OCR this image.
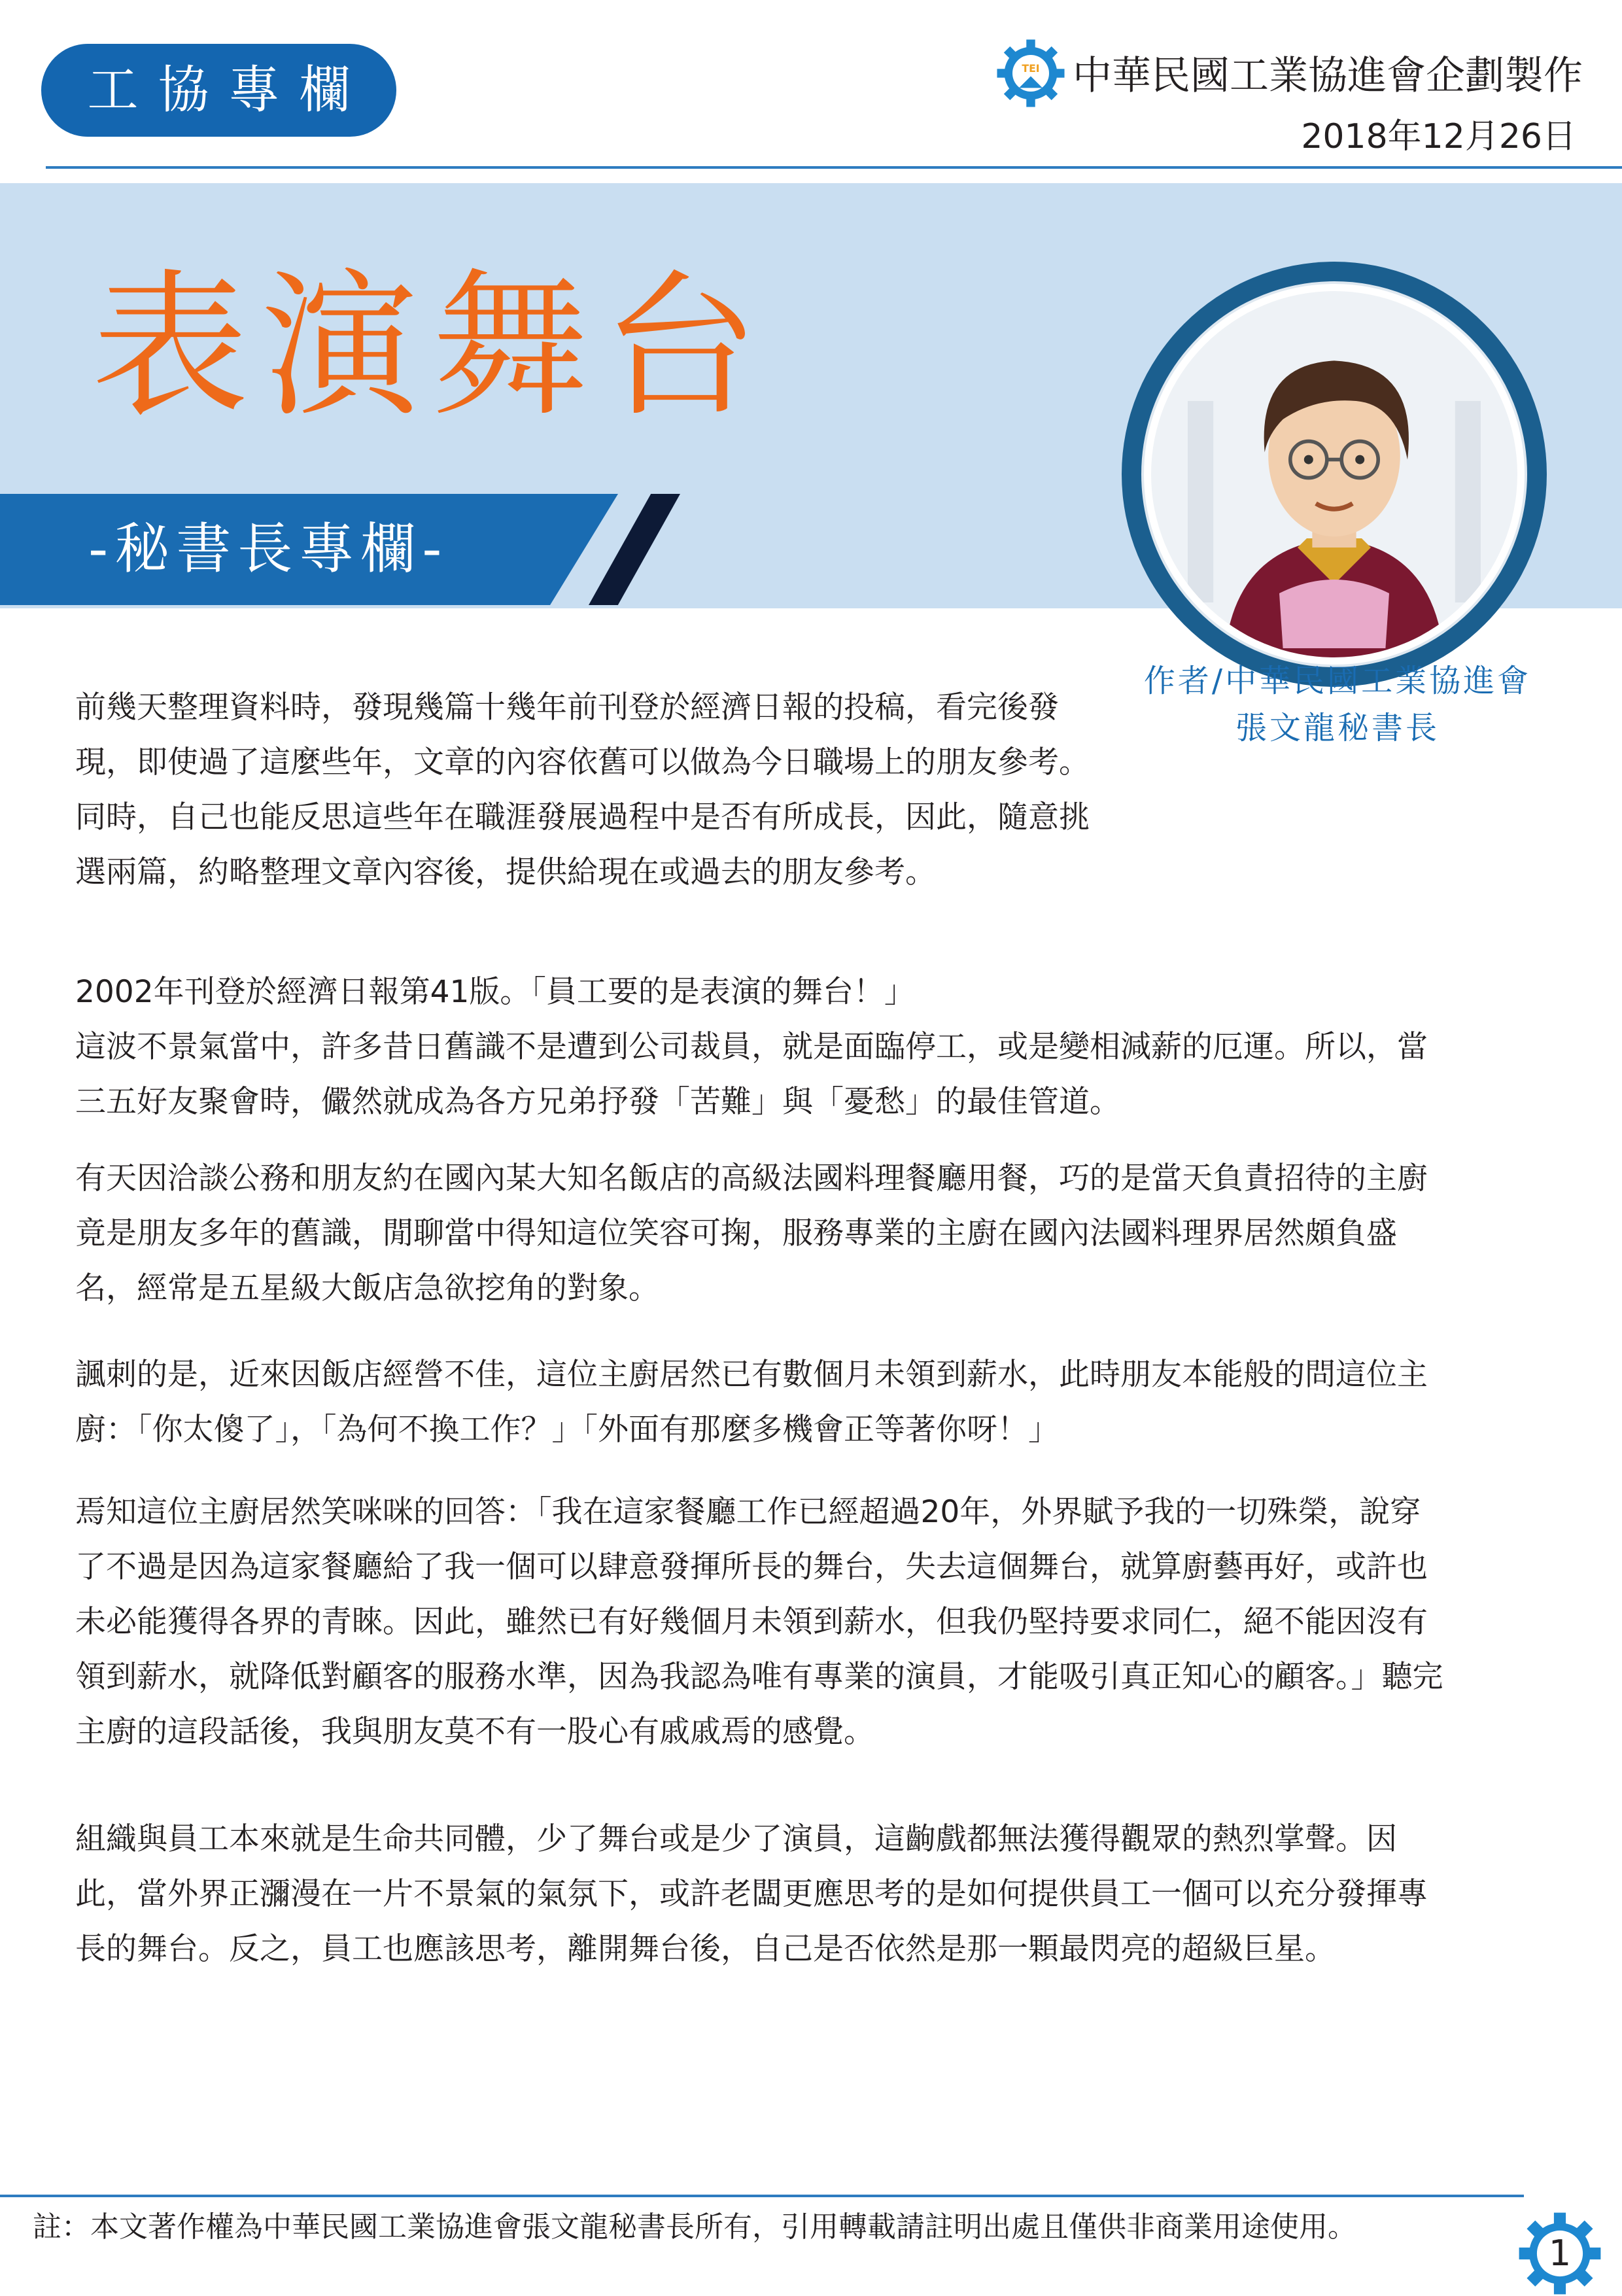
工協專欄	TEI 中華民國工業協進會企劃製作
2018年12月26日
表演舞台
-秘書長專欄-
作者/中華民國工業協進會
張文龍秘書長

前幾天整理資料時，發現幾篇十幾年前刊登於經濟日報的投稿，看完後發現，即使過了這麼些年，文章的內容依舊可以做為今日職場上的朋友參考。同時，自己也能反思這些年在職涯發展過程中是否有所成長，因此，隨意挑選兩篇，約略整理文章內容後，提供給現在或過去的朋友參考。

2002年刊登於經濟日報第41版。「員工要的是表演的舞台！」

這波不景氣當中，許多昔日舊識不是遭到公司裁員，就是面臨停工，或是變相減薪的厄運。所以，當三五好友聚會時，儼然就成為各方兄弟抒發「苦難」與「憂愁」的最佳管道。

有天因洽談公務和朋友約在國內某大知名飯店的高級法國料理餐廳用餐，巧的是當天負責招待的主廚竟是朋友多年的舊識，閒聊當中得知這位笑容可掬，服務專業的主廚在國內法國料理界居然頗負盛名，經常是五星級大飯店急欲挖角的對象。

諷刺的是，近來因飯店經營不佳，這位主廚居然已有數個月未領到薪水，此時朋友本能般的問這位主廚：「你太傻了」，「為何不換工作？」「外面有那麼多機會正等著你呀！」

焉知這位主廚居然笑咪咪的回答：「我在這家餐廳工作已經超過20年，外界賦予我的一切殊榮，說穿了不過是因為這家餐廳給了我一個可以肆意發揮所長的舞台，失去這個舞台，就算廚藝再好，或許也未必能獲得各界的青睞。因此，雖然已有好幾個月未領到薪水，但我仍堅持要求同仁，絕不能因沒有領到薪水，就降低對顧客的服務水準，因為我認為唯有專業的演員，才能吸引真正知心的顧客。」聽完主廚的這段話後，我與朋友莫不有一股心有戚戚焉的感覺。

組織與員工本來就是生命共同體，少了舞台或是少了演員，這齣戲都無法獲得觀眾的熱烈掌聲。因此，當外界正瀰漫在一片不景氣的氣氛下，或許老闆更應思考的是如何提供員工一個可以充分發揮專長的舞台。反之，員工也應該思考，離開舞台後，自己是否依然是那一顆最閃亮的超級巨星。

註：本文著作權為中華民國工業協進會張文龍秘書長所有，引用轉載請註明出處且僅供非商業用途使用。
1
